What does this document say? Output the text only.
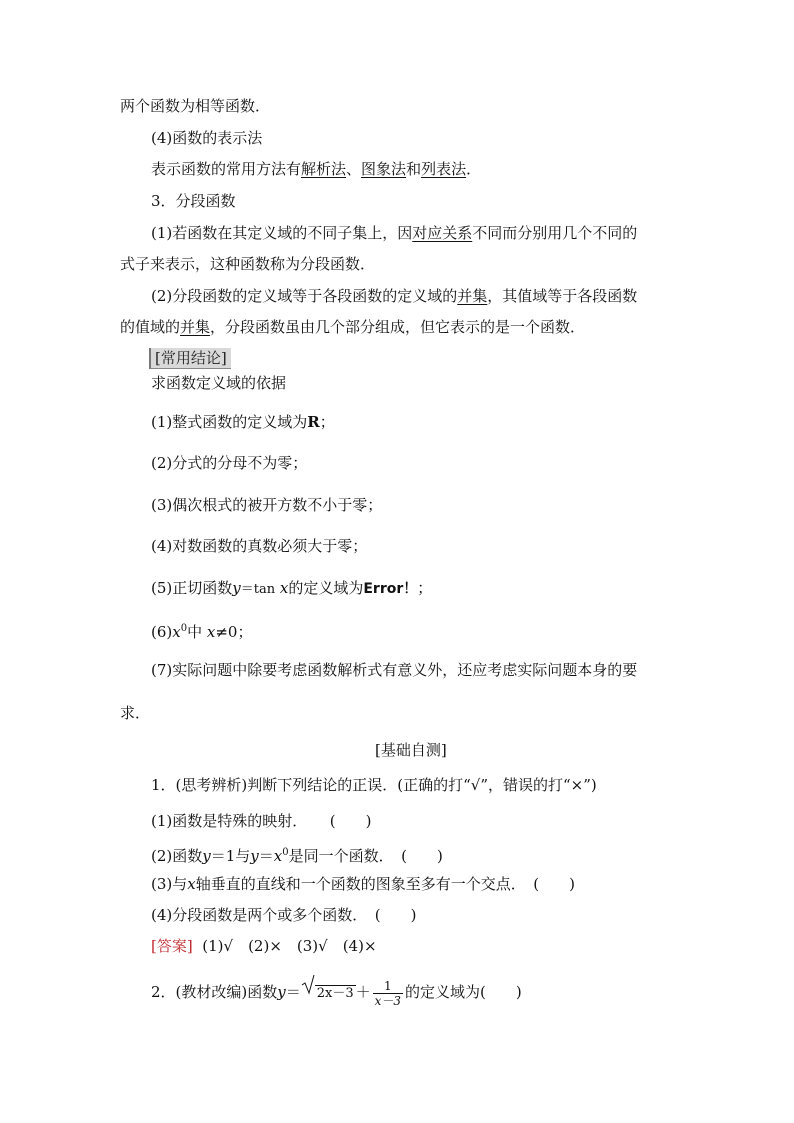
两个函数为相等函数．
(4)函数的表示法
表示函数的常用方法有解析法、图象法和列表法．
3．分段函数
(1)若函数在其定义域的不同子集上，因对应关系不同而分别用几个不同的
式子来表示，这种函数称为分段函数．
(2)分段函数的定义域等于各段函数的定义域的并集，其值域等于各段函数
的值域的并集，分段函数虽由几个部分组成，但它表示的是一个函数．
[常用结论]
求函数定义域的依据
(1)整式函数的定义域为R；
(2)分式的分母不为零；
(3)偶次根式的被开方数不小于零；
(4)对数函数的真数必须大于零；
(5)正切函数y＝tan x的定义域为Error！；
$(6)x^0$中 x≠0；
(7)实际问题中除要考虑函数解析式有意义外，还应考虑实际问题本身的要
求．
[基础自测]
1．(思考辨析)判断下列结论的正误．(正确的打“√”，错误的打“×”)
(1)函数是特殊的映射．　　(　　)
(2)函数y＝1与$y=x^0$是同一个函数．　(　　)
(3)与x轴垂直的直线和一个函数的图象至多有一个交点．　(　　)
(4)分段函数是两个或多个函数．　(　　)
[答案] (1)√　(2)×　(3)√　(4)×
2．(教材改编)函数$y= 2x-3 + \frac{1}{x-3}$ 的定义域为(　　)
